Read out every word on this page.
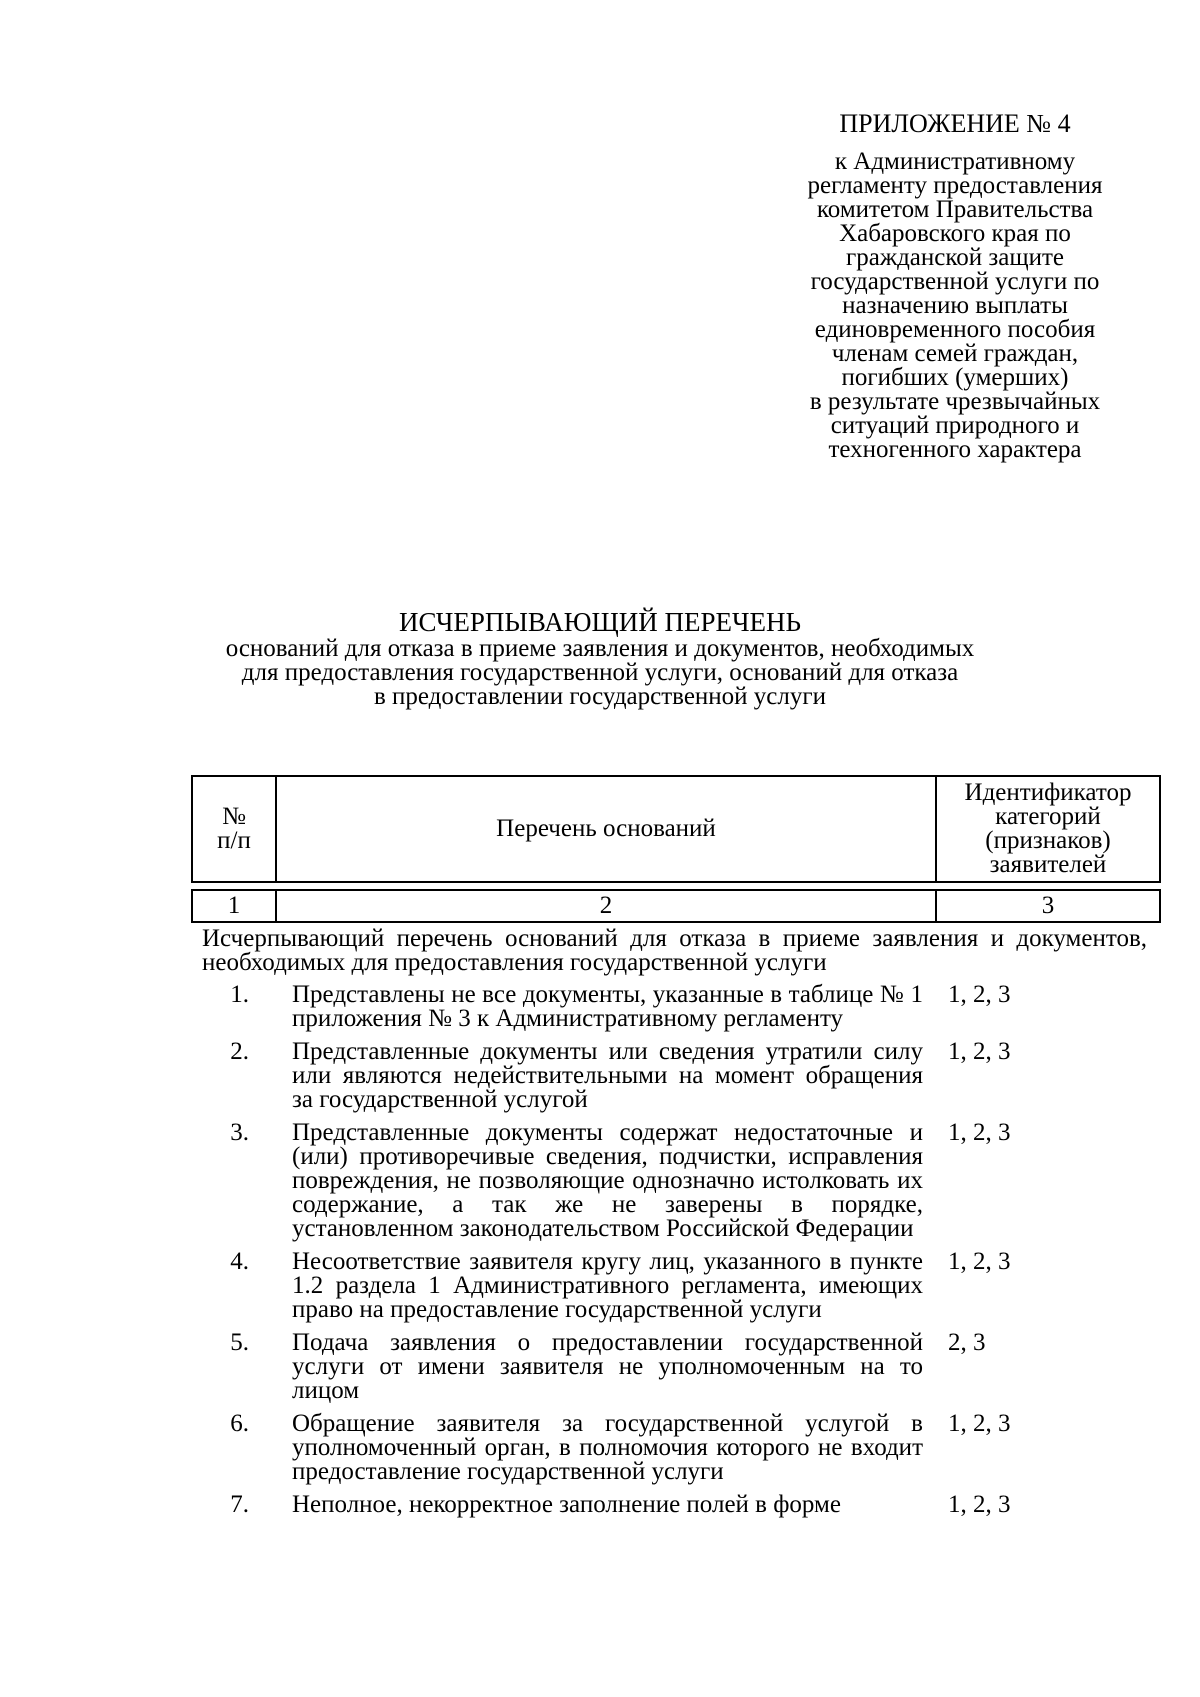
ПРИЛОЖЕНИЕ № 4
к Административному
регламенту предоставления
комитетом Правительства
Хабаровского края по
гражданской защите
государственной услуги по
назначению выплаты
единовременного пособия
членам семей граждан,
погибших (умерших)
в результате чрезвычайных
ситуаций природного и
техногенного характера
ИСЧЕРПЫВАЮЩИЙ ПЕРЕЧЕНЬ
оснований для отказа в приеме заявления и документов, необходимых
для предоставления государственной услуги, оснований для отказа
в предоставлении государственной услуги
№
п/п	Перечень оснований	Идентификатор
категорий
(признаков)
заявителей

1	2	3
Исчерпывающий перечень оснований для отказа в приеме заявления и документов, необходимых для предоставления государственной услуги
1. Представлены не все документы, указанные в таблице № 1 приложения № 3 к Административному регламенту
1, 2, 3
2. Представленные документы или сведения утратили силу или являются недействительными на момент обращения за государственной услугой
1, 2, 3
3. Представленные документы содержат недостаточные и (или) противоречивые сведения, подчистки, исправления повреждения, не позволяющие однозначно истолковать их содержание, а так же не заверены в порядке, установленном законодательством Российской Федерации
1, 2, 3
4. Несоответствие заявителя кругу лиц, указанного в пункте 1.2 раздела 1 Административного регламента, имеющих право на предоставление государственной услуги
1, 2, 3
5. Подача заявления о предоставлении государственной услуги от имени заявителя не уполномоченным на то лицом
2, 3
6. Обращение заявителя за государственной услугой в уполномоченный орган, в полномочия которого не входит предоставление государственной услуги
1, 2, 3
7. Неполное, некорректное заполнение полей в форме	1, 2, 3
